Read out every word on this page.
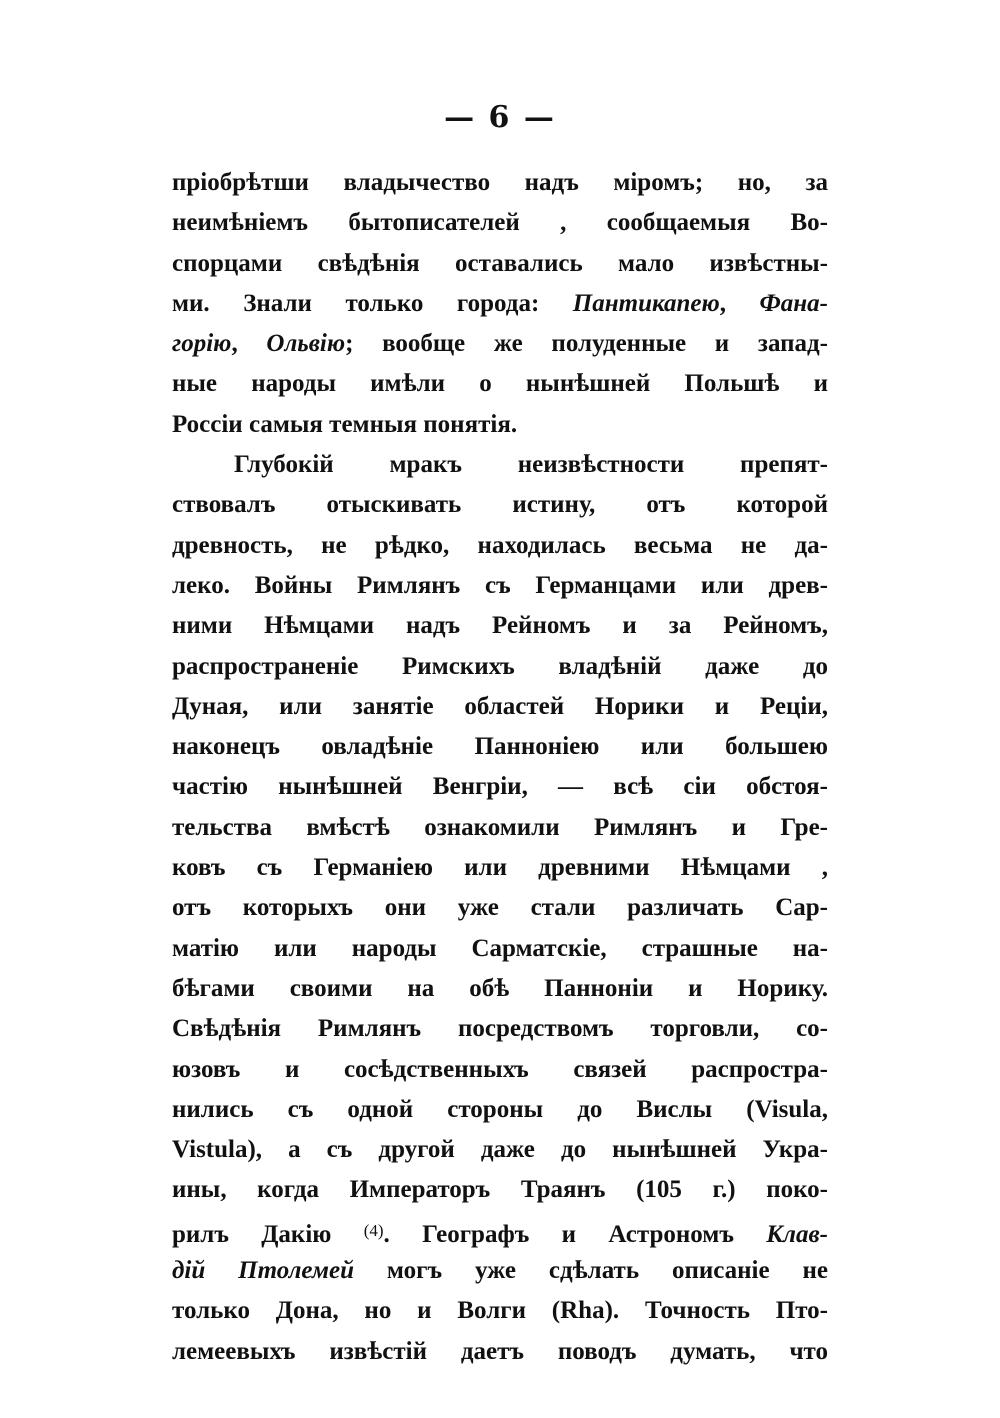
— 6 —
пріобрѣтши владычество надъ міромъ; но, за
неимѣніемъ бытописателей , сообщаемыя Во-
спорцами свѣдѣнія оставались мало извѣстны-
ми. Знали только города: Пантикапею, Фана-
горію, Ольвію; вообще же полуденные и запад-
ные народы имѣли о нынѣшней Польшѣ и
Россіи самыя темныя понятія.
Глубокій мракъ неизвѣстности препят-
ствовалъ отыскивать истину, отъ которой
древность, не рѣдко, находилась весьма не да-
леко. Войны Римлянъ съ Германцами или древ-
ними Нѣмцами надъ Рейномъ и за Рейномъ,
распространеніе Римскихъ владѣній даже до
Дуная, или занятіе областей Норики и Реціи,
наконецъ овладѣніе Панноніею или большею
частію нынѣшней Венгріи, — всѣ сіи обстоя-
тельства вмѣстѣ ознакомили Римлянъ и Гре-
ковъ съ Германіею или древними Нѣмцами ,
отъ которыхъ они уже стали различать Сар-
матію или народы Сарматскіе, страшные на-
бѣгами своими на обѣ Панноніи и Норику.
Свѣдѣнія Римлянъ посредствомъ торговли, со-
юзовъ и сосѣдственныхъ связей распростра-
нились съ одной стороны до Вислы (Visula,
Vistula), а съ другой даже до нынѣшней Укра-
ины, когда Императоръ Траянъ (105 г.) поко-
рилъ Дакію $^{(4)}$. Географъ и Астрономъ Клав-
дій Птолемей могъ уже сдѣлать описаніе не
только Дона, но и Волги (Rha). Точность Пто-
лемеевыхъ извѣстій даетъ поводъ думать, что
